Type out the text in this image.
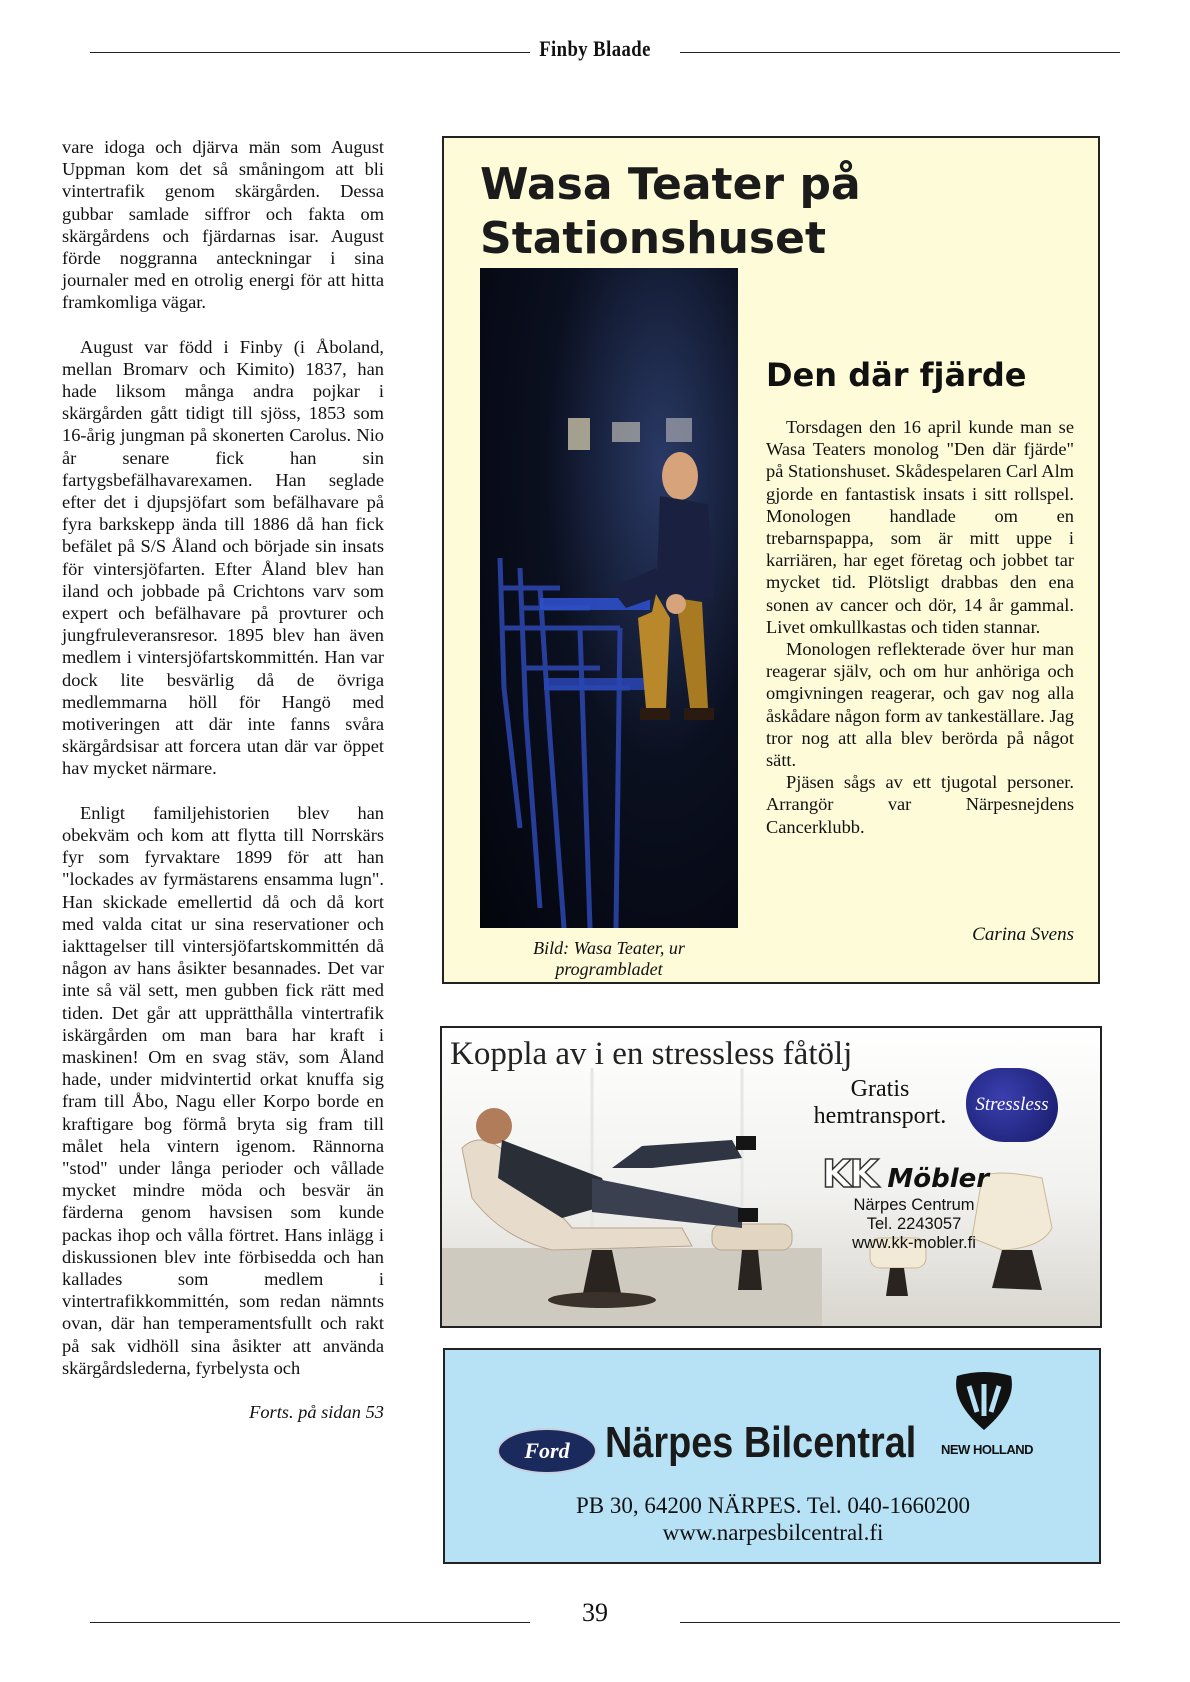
Finby Blaade

vare idoga och djärva män som August Uppman kom det så småningom att bli vintertrafik genom skärgården. Dessa gubbar samlade siffror och fakta om skärgårdens och fjärdarnas isar. August förde noggranna anteckningar i sina journaler med en otrolig energi för att hitta framkomliga vägar.

August var född i Finby (i Åboland, mellan Bromarv och Kimito) 1837, han hade liksom många andra pojkar i skärgården gått tidigt till sjöss, 1853 som 16-årig jungman på skonerten Carolus. Nio år senare fick han sin fartygsbefälhavarexamen. Han seglade efter det i djupsjöfart som befälhavare på fyra barkskepp ända till 1886 då han fick befälet på S/S Åland och började sin insats för vintersjöfarten. Efter Åland blev han iland och jobbade på Crichtons varv som expert och befälhavare på provturer och jungfruleveransresor. 1895 blev han även medlem i vintersjöfartskommittén. Han var dock lite besvärlig då de övriga medlemmarna höll för Hangö med motiveringen att där inte fanns svåra skärgårdsisar att forcera utan där var öppet hav mycket närmare.

Enligt familjehistorien blev han obekväm och kom att flytta till Norrskärs fyr som fyrvaktare 1899 för att han "lockades av fyrmästarens ensamma lugn". Han skickade emellertid då och då kort med valda citat ur sina reservationer och iakttagelser till vintersjöfartskommittén då någon av hans åsikter besannades. Det var inte så väl sett, men gubben fick rätt med tiden. Det går att upprätthålla vintertrafik iskärgården om man bara har kraft i maskinen! Om en svag stäv, som Åland hade, under midvintertid orkat knuffa sig fram till Åbo, Nagu eller Korpo borde en kraftigare bog förmå bryta sig fram till målet hela vintern igenom. Rännorna "stod" under långa perioder och vållade mycket mindre möda och besvär än färderna genom havsisen som kunde packas ihop och vålla förtret. Hans inlägg i diskussionen blev inte förbisedda och han kallades som medlem i vintertrafikkommittén, som redan nämnts ovan, där han temperamentsfullt och rakt på sak vidhöll sina åsikter att använda skärgårdslederna, fyrbelysta och

Forts. på sidan 53

Wasa Teater på Stationshuset
Bild: Wasa Teater, ur programbladet
Den där fjärde

Torsdagen den 16 april kunde man se Wasa Teaters monolog "Den där fjärde" på Stationshuset. Skådespelaren Carl Alm gjorde en fantastisk insats i sitt rollspel. Monologen handlade om en trebarnspappa, som är mitt uppe i karriären, har eget företag och jobbet tar mycket tid. Plötsligt drabbas den ena sonen av cancer och dör, 14 år gammal. Livet omkullkastas och tiden stannar.

Monologen reflekterade över hur man reagerar själv, och om hur anhöriga och omgivningen reagerar, och gav nog alla åskådare någon form av tankeställare. Jag tror nog att alla blev berörda på något sätt.

Pjäsen sågs av ett tjugotal personer. Arrangör var Närpesnejdens Cancerklubb.

Carina Svens
Koppla av i en stressless fåtölj
Gratis hemtransport.	Stressless
KK Möbler
Närpes Centrum
Tel. 2243057
www.kk-mobler.fi
Ford Närpes Bilcentral NEW HOLLAND
PB 30, 64200 NÄRPES. Tel. 040-1660200
www.narpesbilcentral.fi
39
